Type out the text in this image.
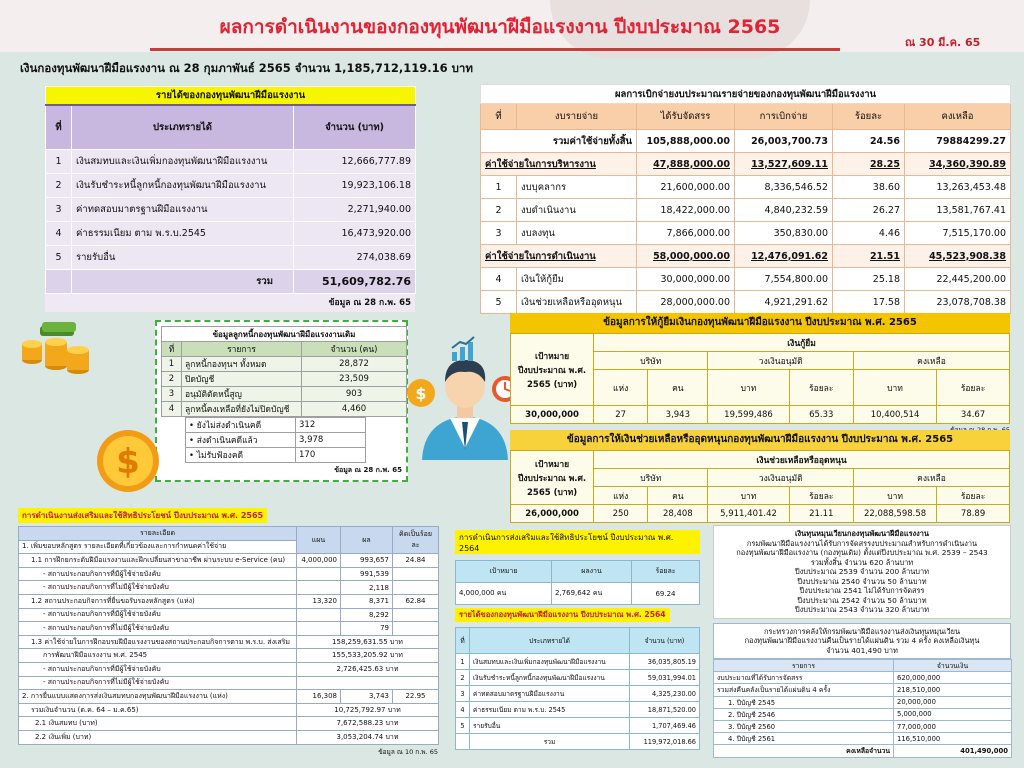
ผลการดำเนินงานของกองทุนพัฒนาฝีมือแรงงาน ปีงบประมาณ 2565
ณ 30 มี.ค. 65
เงินกองทุนพัฒนาฝีมือแรงงาน ณ 28 กุมภาพันธ์ 2565 จำนวน 1,185,712,119.16 บาท
รายได้ของกองทุนพัฒนาฝีมือแรงงาน		
ที่	ประเภทรายได้	จำนวน (บาท)
1	เงินสมทบและเงินเพิ่มกองทุนพัฒนาฝีมือแรงงาน	12,666,777.89
2	เงินรับชำระหนี้ลูกหนี้กองทุนพัฒนาฝีมือแรงงาน	19,923,106.18
3	ค่าทดสอบมาตรฐานฝีมือแรงงาน	2,271,940.00
4	ค่าธรรมเนียม ตาม พ.ร.บ.2545	16,473,920.00
5	รายรับอื่น	274,038.69
	รวม	51,609,782.76
ข้อมูล ณ 28 ก.พ. 65
ผลการเบิกจ่ายงบประมาณรายจ่ายของกองทุนพัฒนาฝีมือแรงงาน					
ที่	งบรายจ่าย	ได้รับจัดสรร	การเบิกจ่าย	ร้อยละ	คงเหลือ
รวมค่าใช้จ่ายทั้งสิ้น		105,888,000.00	26,003,700.73	24.56	79884299.27
ค่าใช้จ่ายในการบริหารงาน		47,888,000.00	13,527,609.11	28.25	34,360,390.89
1	งบบุคลากร	21,600,000.00	8,336,546.52	38.60	13,263,453.48
2	งบดำเนินงาน	18,422,000.00	4,840,232.59	26.27	13,581,767.41
3	งบลงทุน	7,866,000.00	350,830.00	4.46	7,515,170.00
ค่าใช้จ่ายในการดำเนินงาน		58,000,000.00	12,476,091.62	21.51	45,523,908.38
4	เงินให้กู้ยืม	30,000,000.00	7,554,800.00	25.18	22,445,200.00
5	เงินช่วยเหลือหรืออุดหนุน	28,000,000.00	4,921,291.62	17.58	23,078,708.38
ข้อมูลลูกหนี้กองทุนพัฒนาฝีมือแรงงานเดิม		
ที่	รายการ	จำนวน (คน)
1	ลูกหนี้กองทุนฯ ทั้งหมด	28,872
2	ปิดบัญชี	23,509
3	อนุมัติตัดหนี้สูญ	903
4	ลูกหนี้คงเหลือที่ยังไม่ปิดบัญชี	4,460
• ยังไม่ส่งดำเนินคดี	312
• ส่งดำเนินคดีแล้ว	3,978
• ไม่รับฟ้องคดี	170
ข้อมูล ณ 28 ก.พ. 65
$
$
ข้อมูลการให้กู้ยืมเงินกองทุนพัฒนาฝีมือแรงงาน ปีงบประมาณ พ.ศ. 2565
เป้าหมาย ปีงบประมาณ พ.ศ. 2565 (บาท)	เงินกู้ยืม					
	บริษัท		วงเงินอนุมัติ		คงเหลือ	
	แห่ง	คน	บาท	ร้อยละ	บาท	ร้อยละ
30,000,000	27	3,943	19,599,486	65.33	10,400,514	34.67
ข้อมูลการให้เงินช่วยเหลือหรืออุดหนุนกองทุนพัฒนาฝีมือแรงงาน ปีงบประมาณ พ.ศ. 2565
เป้าหมาย ปีงบประมาณ พ.ศ. 2565 (บาท)	เงินช่วยเหลือหรืออุดหนุน					
	บริษัท		วงเงินอนุมัติ		คงเหลือ	
	แห่ง	คน	บาท	ร้อยละ	บาท	ร้อยละ
26,000,000	250	28,408	5,911,401.42	21.11	22,088,598.58	78.89
การดำเนินงานส่งเสริมและใช้สิทธิประโยชน์ ปีงบประมาณ พ.ศ. 2565
รายละเอียด	แผน	ผล	คิดเป็นร้อยละ
1. เพิ่มขอบหลักสูตร รายละเอียดที่เกี่ยวข้องและการกำหนดค่าใช้จ่าย			
1.1 การฝึกยกระดับฝีมือแรงงานและฝึกเปลี่ยนสาขาอาชีพ ผ่านระบบ e-Service (คน)	4,000,000	993,657	24.84
- สถานประกอบกิจการที่มีผู้ใช้จ่ายบังคับ		991,539	
- สถานประกอบกิจการที่ไม่มีผู้ใช้จ่ายบังคับ		2,118	
1.2 สถานประกอบกิจการที่ยื่นขอรับรองหลักสูตร (แห่ง)	13,320	8,371	62.84
- สถานประกอบกิจการที่มีผู้ใช้จ่ายบังคับ		8,292	
- สถานประกอบกิจการที่ไม่มีผู้ใช้จ่ายบังคับ		79	
1.3 ค่าใช้จ่ายในการฝึกอบรมฝีมือแรงงานของสถานประกอบกิจการตาม พ.ร.บ. ส่งเสริม	158,259,631.55 บาท		
การพัฒนาฝีมือแรงงาน พ.ศ. 2545	155,533,205.92 บาท		
- สถานประกอบกิจการที่มีผู้ใช้จ่ายบังคับ	2,726,425.63 บาท		
- สถานประกอบกิจการที่ไม่มีผู้ใช้จ่ายบังคับ			
2. การยื่นแบบแสดงการส่งเงินสมทบกองทุนพัฒนาฝีมือแรงงาน (แห่ง)	16,308	3,743	22.95
รวมเงินจำนวน (ต.ค. 64 – ม.ค.65)	10,725,792.97 บาท		
2.1 เงินสมทบ (บาท)	7,672,588.23 บาท		
2.2 เงินเพิ่ม (บาท)	3,053,204.74 บาท		
ข้อมูล ณ 10 ก.พ. 65
การดำเนินการส่งเสริมและใช้สิทธิประโยชน์ ปีงบประมาณ พ.ศ. 2564
เป้าหมาย	ผลงาน	ร้อยละ
4,000,000 คน	2,769,642 คน	69.24
รายได้ของกองทุนพัฒนาฝีมือแรงงาน ปีงบประมาณ พ.ศ. 2564
ที่	ประเภทรายได้	จำนวน (บาท)
1	เงินสมทบและเงินเพิ่มกองทุนพัฒนาฝีมือแรงงาน	36,035,805.19
2	เงินรับชำระหนี้ลูกหนี้กองทุนพัฒนาฝีมือแรงงาน	59,031,994.01
3	ค่าทดสอบมาตรฐานฝีมือแรงงาน	4,325,230.00
4	ค่าธรรมเนียม ตาม พ.ร.บ. 2545	18,871,520.00
5	รายรับอื่น	1,707,469.46
	รวม	119,972,018.66
เงินทุนหมุนเวียนกองทุนพัฒนาฝีมือแรงงาน
กรมพัฒนาฝีมือแรงงานได้รับการจัดสรรงบประมาณสำหรับการดำเนินงาน
กองทุนพัฒนาฝีมือแรงงาน (กองทุนเดิม) ตั้งแต่ปีงบประมาณ พ.ศ. 2539 – 2543
รวมทั้งสิ้น จำนวน 620 ล้านบาท
ปีงบประมาณ 2539 จำนวน 200 ล้านบาท
ปีงบประมาณ 2540 จำนวน 50 ล้านบาท
ปีงบประมาณ 2541 ไม่ได้รับการจัดสรร
ปีงบประมาณ 2542 จำนวน 50 ล้านบาท
ปีงบประมาณ 2543 จำนวน 320 ล้านบาท
กระทรวงการคลังให้กรมพัฒนาฝีมือแรงงานส่งเงินทุนหมุนเวียน
กองทุนพัฒนาฝีมือแรงงานคืนเป็นรายได้แผ่นดิน รวม 4 ครั้ง คงเหลือเงินทุน
จำนวน 401,490 บาท
รายการ	จำนวนเงิน
งบประมาณที่ได้รับการจัดสรร	620,000,000
รวมส่งคืนคลังเป็นรายได้แผ่นดิน 4 ครั้ง	218,510,000
1. ปีบัญชี 2545	20,000,000
2. ปีบัญชี 2546	5,000,000
3. ปีบัญชี 2560	77,000,000
4. ปีบัญชี 2561	116,510,000
คงเหลือจำนวน	401,490,000
